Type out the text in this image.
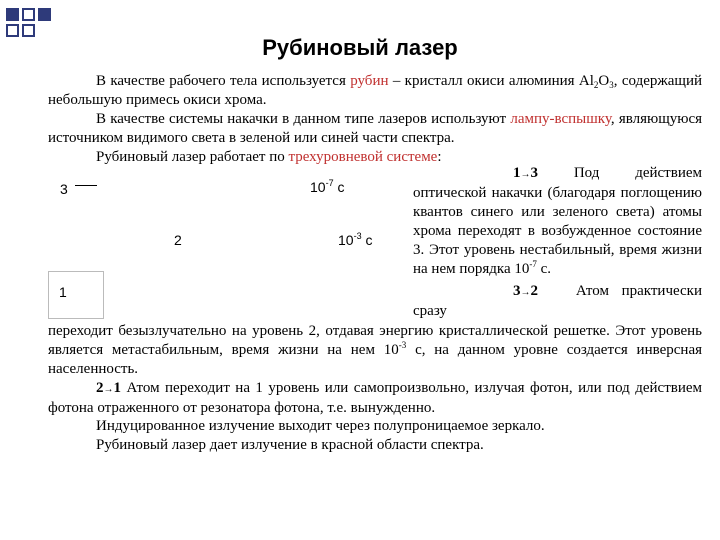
Рубиновый лазер
В качестве рабочего тела используется рубин – кристалл окиси алюминия $Al_2O_3$, содержащий небольшую примесь окиси хрома.
В качестве системы накачки в данном типе лазеров используют лампу-вспышку, являющуюся источником видимого света в зеленой или синей части спектра.
Рубиновый лазер работает по трехуровневой системе:
3	$10^{-7}$ с
2	$10^{-3}$ с
1
1→3 Под действием оптической накачки (благодаря поглощению квантов синего или зеленого света) атомы хрома переходят в возбужденное состояние 3. Этот уровень нестабильный, время жизни на нем порядка $10^{-7}$ с.
3→2	Атом практически сразу
переходит безызлучательно на уровень 2, отдавая энергию кристаллической решетке. Этот уровень является метастабильным, время жизни на нем $10^{-3}$ с, на данном уровне создается инверсная населенность.
2→1 Атом переходит на 1 уровень или самопроизвольно, излучая фотон, или под действием фотона отраженного от резонатора фотона, т.е. вынужденно.
Индуцированное излучение выходит через полупроницаемое зеркало.
Рубиновый лазер дает излучение в красной области спектра.
